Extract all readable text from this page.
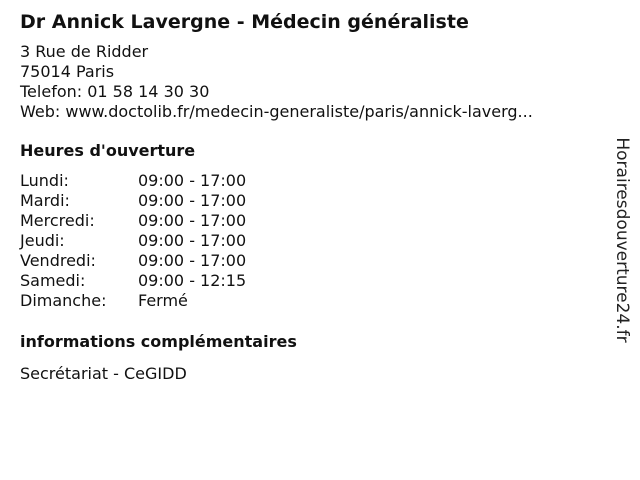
Dr Annick Lavergne - Médecin généraliste
3 Rue de Ridder
75014 Paris
Telefon: 01 58 14 30 30
Web: www.doctolib.fr/medecin-generaliste/paris/annick-laverg...
Heures d'ouverture
Lundi:	09:00 - 17:00
Mardi:	09:00 - 17:00
Mercredi:	09:00 - 17:00
Jeudi:	09:00 - 17:00
Vendredi:	09:00 - 17:00
Samedi:	09:00 - 12:15
Dimanche:	Fermé
informations complémentaires
Secrétariat - CeGIDD
Horairesdouverture24.fr
